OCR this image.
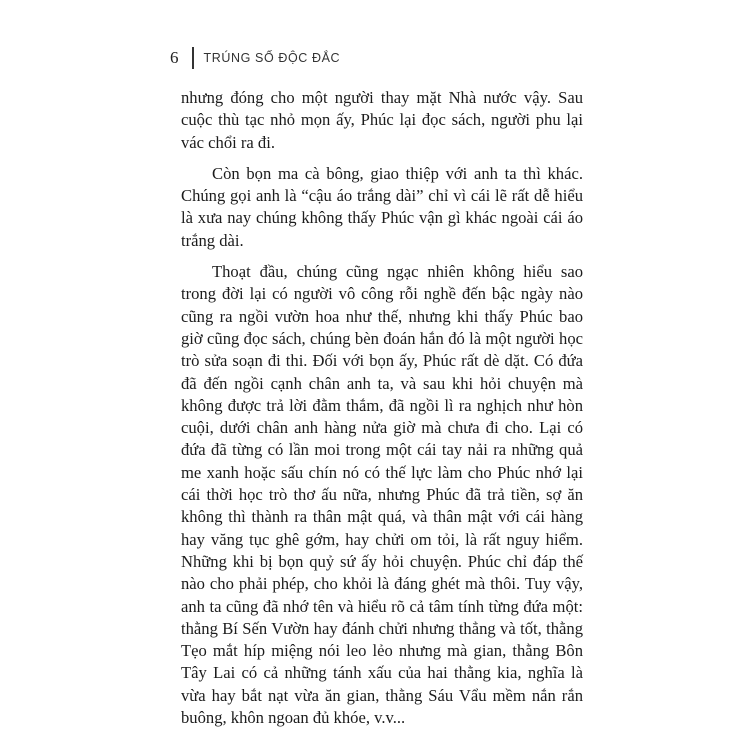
6	TRÚNG SỐ ĐỘC ĐẮC

nhưng đóng cho một người thay mặt Nhà nước vậy. Sau cuộc thù tạc nhỏ mọn ấy, Phúc lại đọc sách, người phu lại vác chổi ra đi.

Còn bọn ma cà bông, giao thiệp với anh ta thì khác. Chúng gọi anh là “cậu áo trắng dài” chỉ vì cái lẽ rất dễ hiểu là xưa nay chúng không thấy Phúc vận gì khác ngoài cái áo trắng dài.

Thoạt đầu, chúng cũng ngạc nhiên không hiểu sao trong đời lại có người vô công rỗi nghề đến bậc ngày nào cũng ra ngồi vườn hoa như thế, nhưng khi thấy Phúc bao giờ cũng đọc sách, chúng bèn đoán hắn đó là một người học trò sửa soạn đi thi. Đối với bọn ấy, Phúc rất dè dặt. Có đứa đã đến ngồi cạnh chân anh ta, và sau khi hỏi chuyện mà không được trả lời đằm thắm, đã ngồi lì ra nghịch như hòn cuội, dưới chân anh hàng nửa giờ mà chưa đi cho. Lại có đứa đã từng có lần moi trong một cái tay nải ra những quả me xanh hoặc sấu chín nó có thế lực làm cho Phúc nhớ lại cái thời học trò thơ ấu nữa, nhưng Phúc đã trả tiền, sợ ăn không thì thành ra thân mật quá, và thân mật với cái hàng hay văng tục ghê gớm, hay chửi om tỏi, là rất nguy hiểm. Những khi bị bọn quỷ sứ ấy hỏi chuyện. Phúc chỉ đáp thế nào cho phải phép, cho khỏi là đáng ghét mà thôi. Tuy vậy, anh ta cũng đã nhớ tên và hiểu rõ cả tâm tính từng đứa một: thằng Bí Sến Vườn hay đánh chửi nhưng thẳng và tốt, thằng Tẹo mắt híp miệng nói leo lẻo nhưng mà gian, thằng Bôn Tây Lai có cả những tánh xấu của hai thằng kia, nghĩa là vừa hay bắt nạt vừa ăn gian, thằng Sáu Vẩu mềm nắn rắn buông, khôn ngoan đủ khóe, v.v...
